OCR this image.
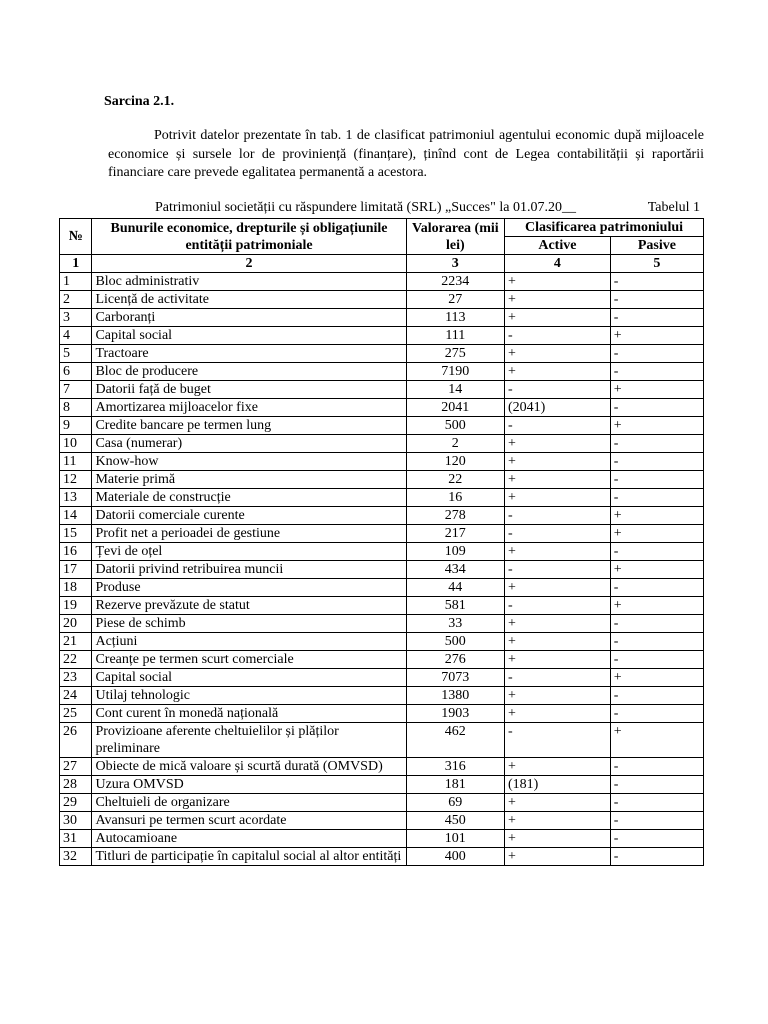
Sarcina 2.1.

Potrivit datelor prezentate în tab. 1 de clasificat patrimoniul agentului economic după mijloacele economice și sursele lor de proviniență (finanțare), ținînd cont de Legea contabilității și raportării financiare care prevede egalitatea permanentă a acestora.

Patrimoniul societății cu răspundere limitată (SRL) „Succes" la 01.07.20__	Tabelul 1
№	Bunurile economice, drepturile și obligațiunile entității patrimoniale	Valorarea (mii lei)	Clasificarea patrimoniului	
			Active	Pasive
1	2	3	4	5
1	Bloc administrativ	2234	+	-
2	Licență de activitate	27	+	-
3	Carboranți	113	+	-
4	Capital social	111	-	+
5	Tractoare	275	+	-
6	Bloc de producere	7190	+	-
7	Datorii față de buget	14	-	+
8	Amortizarea mijloacelor fixe	2041	(2041)	-
9	Credite bancare pe termen lung	500	-	+
10	Casa (numerar)	2	+	-
11	Know-how	120	+	-
12	Materie primă	22	+	-
13	Materiale de construcție	16	+	-
14	Datorii comerciale curente	278	-	+
15	Profit net a perioadei de gestiune	217	-	+
16	Țevi de oțel	109	+	-
17	Datorii privind retribuirea muncii	434	-	+
18	Produse	44	+	-
19	Rezerve prevăzute de statut	581	-	+
20	Piese de schimb	33	+	-
21	Acțiuni	500	+	-
22	Creanțe pe termen scurt comerciale	276	+	-
23	Capital social	7073	-	+
24	Utilaj tehnologic	1380	+	-
25	Cont curent în monedă națională	1903	+	-
26	Provizioane aferente cheltuielilor și plăților preliminare	462	-	+
27	Obiecte de mică valoare și scurtă durată (OMVSD)	316	+	-
28	Uzura OMVSD	181	(181)	-
29	Cheltuieli de organizare	69	+	-
30	Avansuri pe termen scurt acordate	450	+	-
31	Autocamioane	101	+	-
32	Titluri de participație în capitalul social al altor entități	400	+	-
